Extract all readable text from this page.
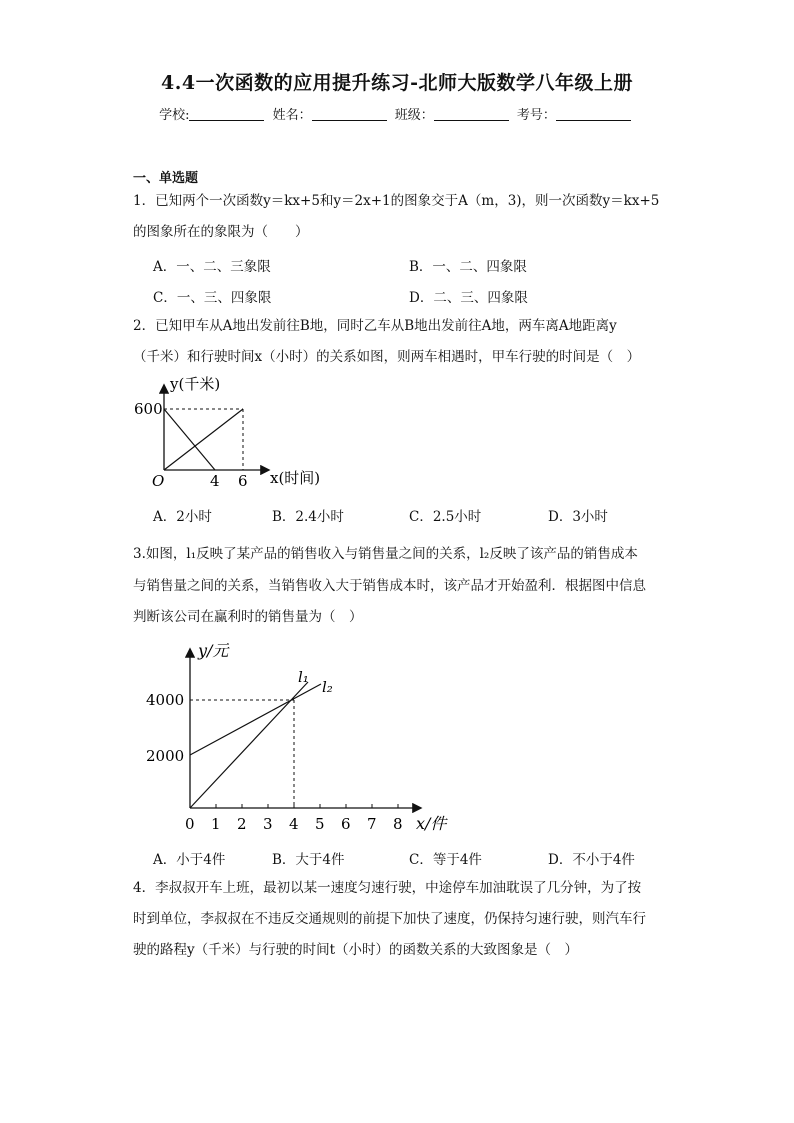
4.4一次函数的应用提升练习-北师大版数学八年级上册
学校:	姓名：	班级：	考号：
一、单选题
1．已知两个一次函数y＝kx+5和y＝2x+1的图象交于A（m，3)，则一次函数y＝kx+5
的图象所在的象限为（　　）
A．一、二、三象限	B．一、二、四象限
C．一、三、四象限	D．二、三、四象限
2．已知甲车从A地出发前往B地，同时乙车从B地出发前往A地，两车离A地距离y
（千米）和行驶时间x（小时）的关系如图，则两车相遇时，甲车行驶的时间是（　）
y(千米)
600
O	4 6 x(时间)
A．2小时	B．2.4小时	C．2.5小时	D．3小时
3.如图，l₁反映了某产品的销售收入与销售量之间的关系，l₂反映了该产品的销售成本
与销售量之间的关系，当销售收入大于销售成本时，该产品才开始盈利．根据图中信息
判断该公司在赢利时的销售量为（　）
y/元
4000
2000
0 1 2 3 4 5 6 7 8 x/件
l₁
l₂
A．小于4件	B．大于4件	C．等于4件	D．不小于4件
4．李叔叔开车上班，最初以某一速度匀速行驶，中途停车加油耽误了几分钟，为了按
时到单位，李叔叔在不违反交通规则的前提下加快了速度，仍保持匀速行驶，则汽车行
驶的路程y（千米）与行驶的时间t（小时）的函数关系的大致图象是（　）
